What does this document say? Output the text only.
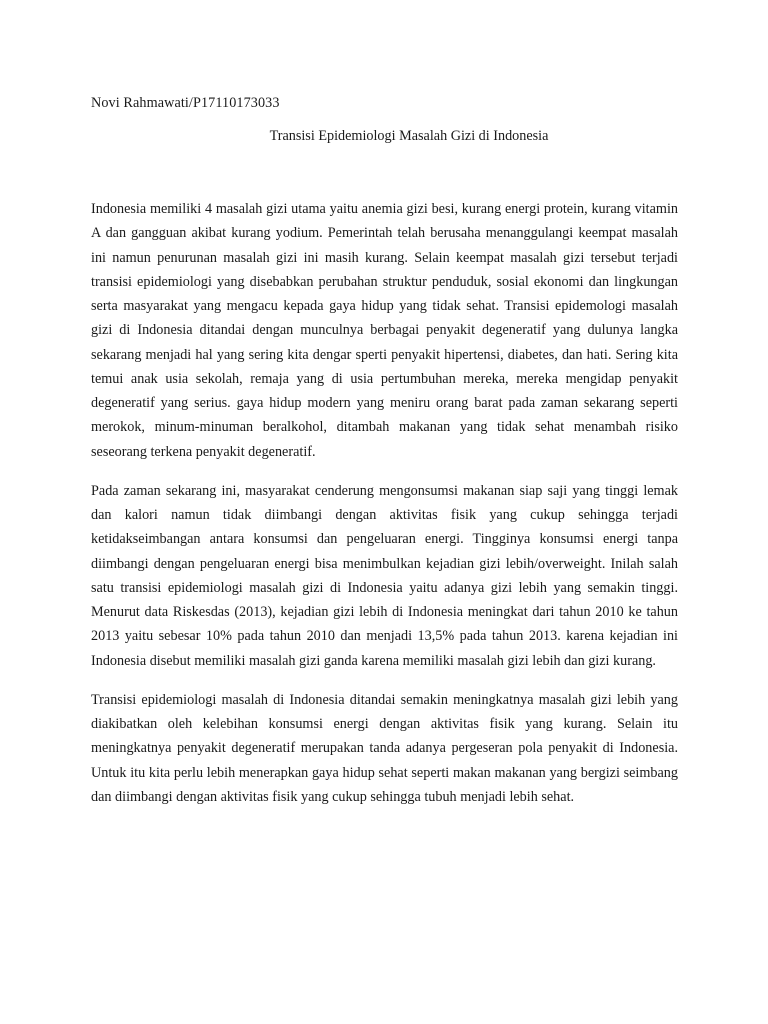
Novi Rahmawati/P17110173033

Transisi Epidemiologi Masalah Gizi di Indonesia

Indonesia memiliki 4 masalah gizi utama yaitu anemia gizi besi, kurang energi protein, kurang vitamin A dan gangguan akibat kurang yodium. Pemerintah telah berusaha menanggulangi keempat masalah ini namun penurunan masalah gizi ini masih kurang. Selain keempat masalah gizi tersebut terjadi transisi epidemiologi yang disebabkan perubahan struktur penduduk, sosial ekonomi dan lingkungan serta masyarakat yang mengacu kepada gaya hidup yang tidak sehat. Transisi epidemologi masalah gizi di Indonesia ditandai dengan munculnya berbagai penyakit degeneratif yang dulunya langka sekarang menjadi hal yang sering kita dengar sperti penyakit hipertensi, diabetes, dan hati. Sering kita temui anak usia sekolah, remaja yang di usia pertumbuhan mereka, mereka mengidap penyakit degeneratif yang serius. gaya hidup modern yang meniru orang barat pada zaman sekarang seperti merokok, minum-minuman beralkohol, ditambah makanan yang tidak sehat menambah risiko seseorang terkena penyakit degeneratif.

Pada zaman sekarang ini, masyarakat cenderung mengonsumsi makanan siap saji yang tinggi lemak dan kalori namun tidak diimbangi dengan aktivitas fisik yang cukup sehingga terjadi ketidakseimbangan antara konsumsi dan pengeluaran energi. Tingginya konsumsi energi tanpa diimbangi dengan pengeluaran energi bisa menimbulkan kejadian gizi lebih/overweight. Inilah salah satu transisi epidemiologi masalah gizi di Indonesia yaitu adanya gizi lebih yang semakin tinggi. Menurut data Riskesdas (2013), kejadian gizi lebih di Indonesia meningkat dari tahun 2010 ke tahun 2013 yaitu sebesar 10% pada tahun 2010 dan menjadi 13,5% pada tahun 2013. karena kejadian ini Indonesia disebut memiliki masalah gizi ganda karena memiliki masalah gizi lebih dan gizi kurang.

Transisi epidemiologi masalah di Indonesia ditandai semakin meningkatnya masalah gizi lebih yang diakibatkan oleh kelebihan konsumsi energi dengan aktivitas fisik yang kurang. Selain itu meningkatnya penyakit degeneratif merupakan tanda adanya pergeseran pola penyakit di Indonesia. Untuk itu kita perlu lebih menerapkan gaya hidup sehat seperti makan makanan yang bergizi seimbang dan diimbangi dengan aktivitas fisik yang cukup sehingga tubuh menjadi lebih sehat.
